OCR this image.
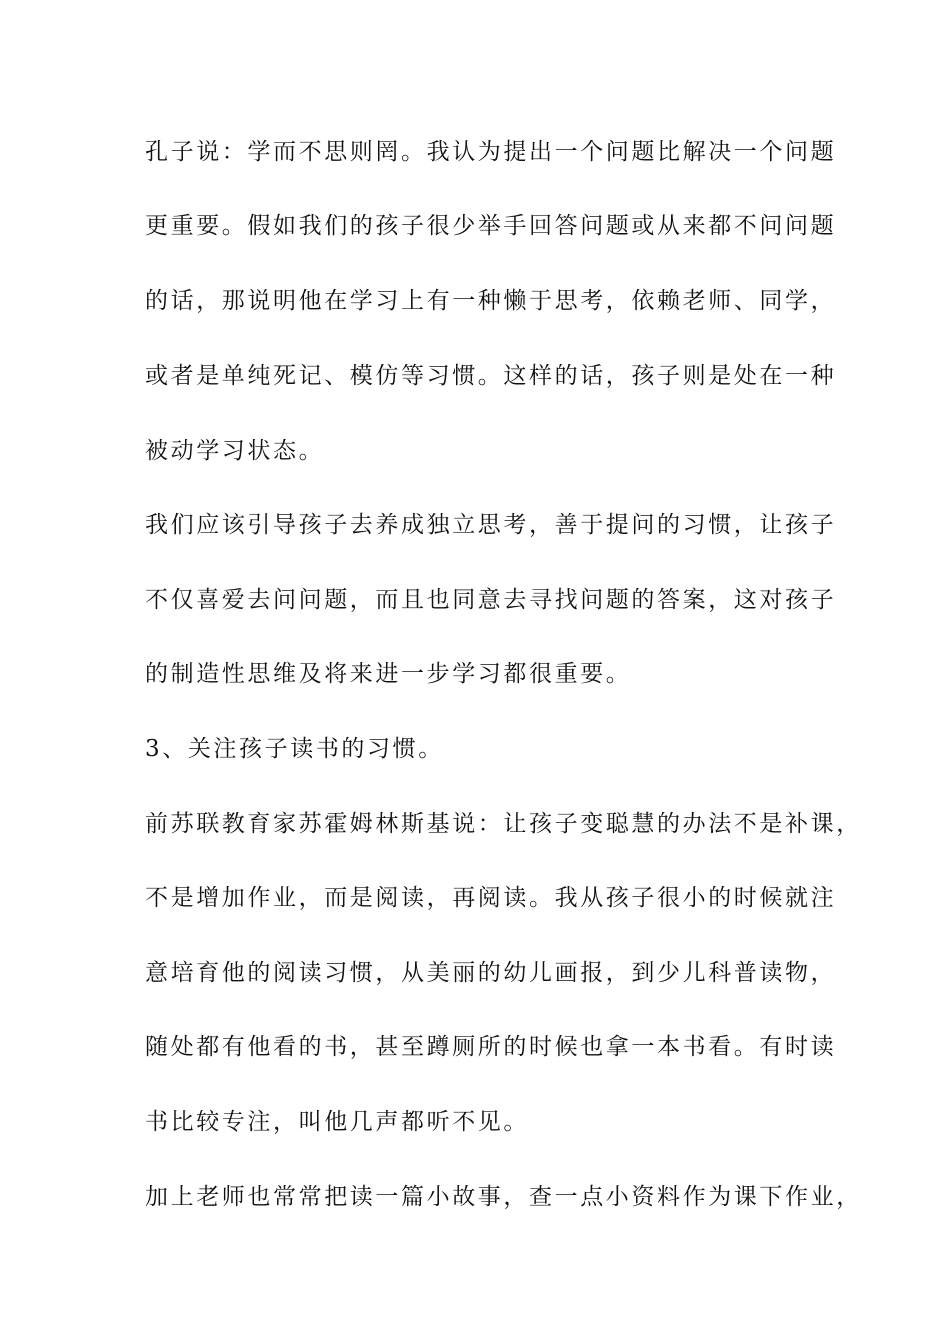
孔子说：学而不思则罔。我认为提出一个问题比解决一个问题
更重要。假如我们的孩子很少举手回答问题或从来都不问问题
的话，那说明他在学习上有一种懒于思考，依赖老师、同学，
或者是单纯死记、模仿等习惯。这样的话，孩子则是处在一种
被动学习状态。
我们应该引导孩子去养成独立思考，善于提问的习惯，让孩子
不仅喜爱去问问题，而且也同意去寻找问题的答案，这对孩子
的制造性思维及将来进一步学习都很重要。
3、关注孩子读书的习惯。
前苏联教育家苏霍姆林斯基说：让孩子变聪慧的办法不是补课，
不是增加作业，而是阅读，再阅读。我从孩子很小的时候就注
意培育他的阅读习惯，从美丽的幼儿画报，到少儿科普读物，
随处都有他看的书，甚至蹲厕所的时候也拿一本书看。有时读
书比较专注，叫他几声都听不见。
加上老师也常常把读一篇小故事，查一点小资料作为课下作业，
